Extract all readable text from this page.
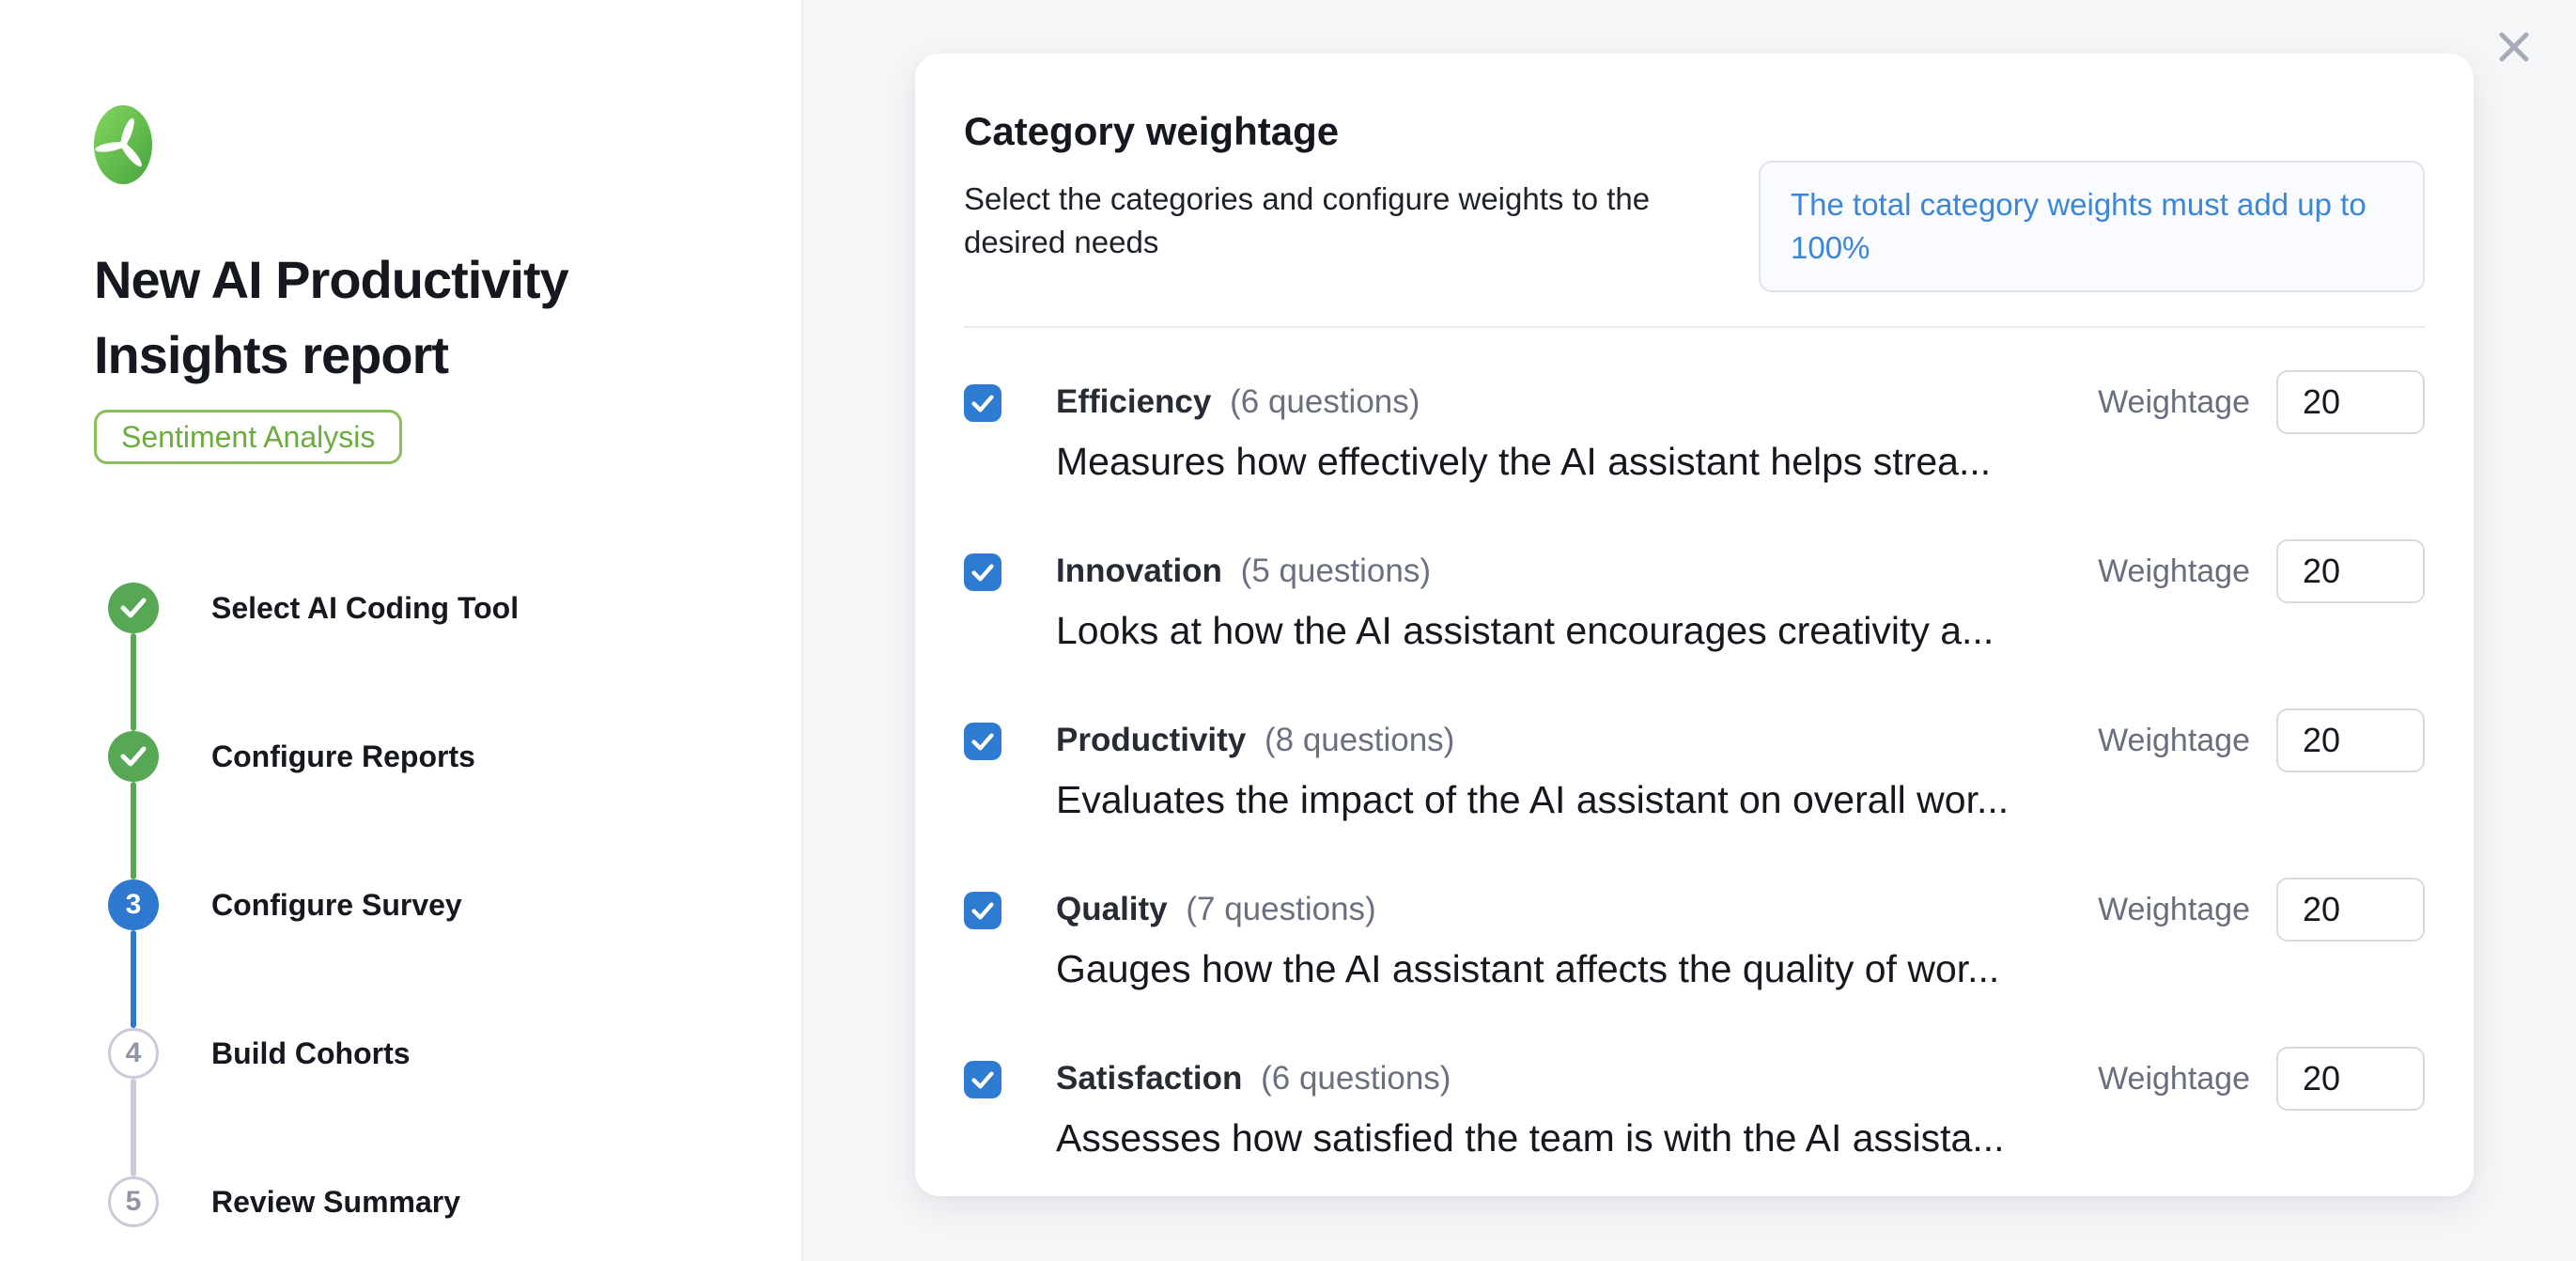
New AI Productivity Insights report
Sentiment Analysis
Select AI Coding Tool
Configure Reports
3	Configure Survey
4	Build Cohorts
5	Review Summary
Category weightage
Select the categories and configure weights to the desired needs
The total category weights must add up to 100%
Efficiency (6 questions)
Measures how effectively the AI assistant helps strea...
Weightage
20
Innovation (5 questions)
Looks at how the AI assistant encourages creativity a...
Weightage
20
Productivity (8 questions)
Evaluates the impact of the AI assistant on overall wor...
Weightage
20
Quality (7 questions)
Gauges how the AI assistant affects the quality of wor...
Weightage
20
Satisfaction (6 questions)
Assesses how satisfied the team is with the AI assista...
Weightage
20
